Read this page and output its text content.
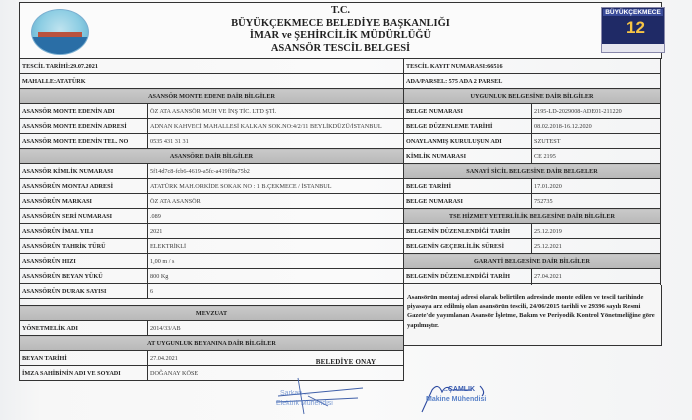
T.C.
BÜYÜKÇEKMECE BELEDİYE BAŞKANLIĞI
İMAR ve ŞEHİRCİLİK MÜDÜRLÜĞÜ
ASANSÖR TESCİL BELGESİ
BÜYÜKÇEKMECE
12
TESCİL TARİHİ:29.07.2021
MAHALLE:ATATÜRK
ASANSÖR MONTE EDENE DAİR BİLGİLER
ASANSÖR MONTE EDENİN ADI	ÖZ ATA ASANSÖR MUH VE İNŞ TİC. LTD ŞTİ.
ASANSÖR MONTE EDENİN ADRESİ	ADNAN KAHVECİ MAHALLESİ KALKAN SOK.NO:4/2/11 BEYLİKDÜZÜ/İSTANBUL
ASANSÖR MONTE EDENİN TEL. NO	0535 431 31 31
ASANSÖRE DAİR BİLGİLER
ASANSÖR KİMLİK NUMARASI	5f14d7c8-fcb6-4619-a5fc-a419ff8a75b2
ASANSÖRÜN MONTAJ ADRESİ	ATATÜRK MAH.ORKİDE SOKAK NO : 1 B.ÇEKMECE / İSTANBUL
ASANSÖRÜN MARKASI	ÖZ ATA ASANSÖR
ASANSÖRÜN SERİ NUMARASI	.089
ASANSÖRÜN İMAL YILI	2021
ASANSÖRÜN TAHRİK TÜRÜ	ELEKTRİKLİ
ASANSÖRÜN HIZI	1,00 m / s
ASANSÖRÜN BEYAN YÜKÜ	800 Kg
ASANSÖRÜN DURAK SAYISI	6

MEVZUAT
YÖNETMELİK ADI	2014/33/AB
AT UYGUNLUK BEYANINA DAİR BİLGİLER
BEYAN TARİHİ	27.04.2021
İMZA SAHİBİNİN ADI VE SOYADI	DOĞANAY KÖSE
TESCİL KAYIT NUMARASI:66516
ADA/PARSEL: 575 ADA 2 PARSEL
UYGUNLUK BELGESİNE DAİR BİLGİLER
BELGE NUMARASI	2195-LD-2029008-ADE01-211220
BELGE DÜZENLEME TARİHİ	08.02.2018-16.12.2020
ONAYLANMIŞ KURULUŞUN ADI	SZUTEST
KİMLİK NUMARASI	CE 2195
SANAYİ SİCİL BELGESİNE DAİR BELGELER
BELGE TARİHİ	17.01.2020
BELGE NUMARASI	752735
TSE HİZMET YETERLİLİK BELGESİNE DAİR BİLGİLER
BELGENİN DÜZENLENDİĞİ TARİH	25.12.2019
BELGENİN GEÇERLİLİK SÜRESİ	25.12.2021
GARANTİ BELGESİNE DAİR BİLGİLER
BELGENİN DÜZENLENDİĞİ TARİH	27.04.2021

Asansörün montaj adresi olarak belirtilen adresinde monte edilen ve tescil tarihinde piyasaya arz edilmiş olan asansörün tescili, 24/06/2015 tarihli ve 29396 sayılı Resmi Gazete'de yayımlanan Asansör İşletme, Bakım ve Periyodik Kontrol Yönetmeliğine göre yapılmıştır.
BELEDİYE ONAY
Sarkan ...
Elektrik Mühendisi
...ÇAMLIK
Makine Mühendisi
